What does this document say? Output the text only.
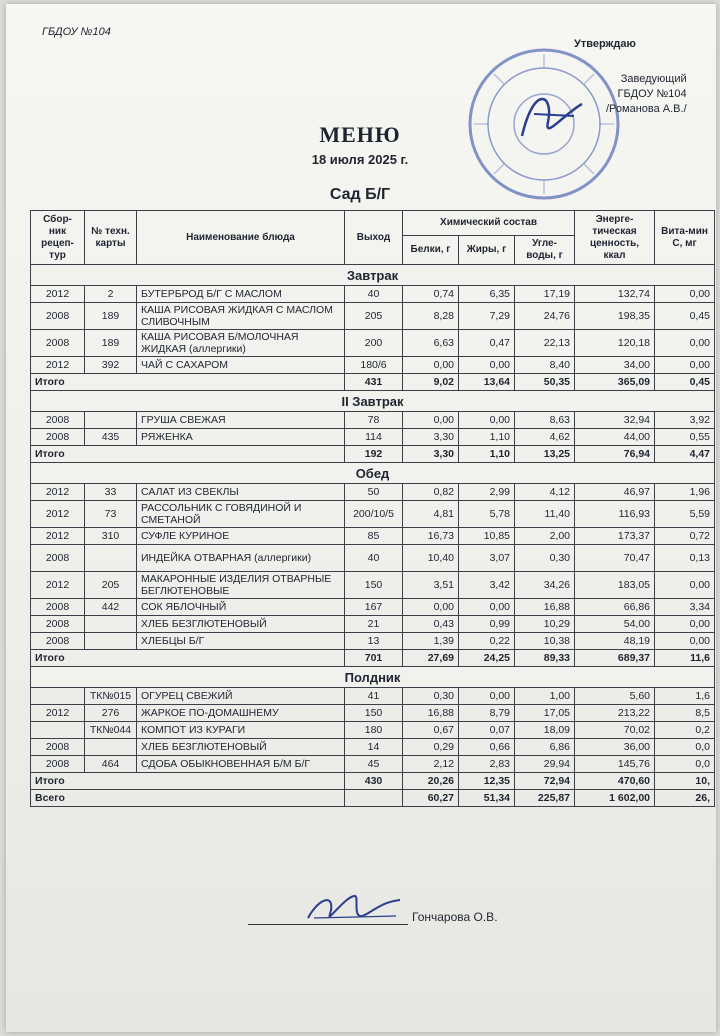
ГБДОУ №104
Утверждаю
Заведующий
ГБДОУ №104
/Романова А.В./
МЕНЮ
18 июля 2025 г.
Сад Б/Г
Сбор-ник рецеп-тур	№ техн. карты	Наименование блюда	Выход	Химический состав			Энерге-тическая ценность, ккал	Вита-мин С, мг
				Белки, г	Жиры, г	Угле-воды, г		
Завтрак								
2012	2	БУТЕРБРОД Б/Г С МАСЛОМ	40	0,74	6,35	17,19	132,74	0,00
2008	189	КАША РИСОВАЯ ЖИДКАЯ С МАСЛОМ СЛИВОЧНЫМ	205	8,28	7,29	24,76	198,35	0,45
2008	189	КАША РИСОВАЯ Б/МОЛОЧНАЯ ЖИДКАЯ (аллергики)	200	6,63	0,47	22,13	120,18	0,00
2012	392	ЧАЙ С САХАРОМ	180/6	0,00	0,00	8,40	34,00	0,00
Итого			431	9,02	13,64	50,35	365,09	0,45
II Завтрак								
2008		ГРУША СВЕЖАЯ	78	0,00	0,00	8,63	32,94	3,92
2008	435	РЯЖЕНКА	114	3,30	1,10	4,62	44,00	0,55
Итого			192	3,30	1,10	13,25	76,94	4,47
Обед								
2012	33	САЛАТ ИЗ СВЕКЛЫ	50	0,82	2,99	4,12	46,97	1,96
2012	73	РАССОЛЬНИК С ГОВЯДИНОЙ И СМЕТАНОЙ	200/10/5	4,81	5,78	11,40	116,93	5,59
2012	310	СУФЛЕ КУРИНОЕ	85	16,73	10,85	2,00	173,37	0,72
2008		ИНДЕЙКА ОТВАРНАЯ (аллергики)	40	10,40	3,07	0,30	70,47	0,13
2012	205	МАКАРОННЫЕ ИЗДЕЛИЯ ОТВАРНЫЕ БЕГЛЮТЕНОВЫЕ	150	3,51	3,42	34,26	183,05	0,00
2008	442	СОК ЯБЛОЧНЫЙ	167	0,00	0,00	16,88	66,86	3,34
2008		ХЛЕБ БЕЗГЛЮТЕНОВЫЙ	21	0,43	0,99	10,29	54,00	0,00
2008		ХЛЕБЦЫ Б/Г	13	1,39	0,22	10,38	48,19	0,00
Итого			701	27,69	24,25	89,33	689,37	11,6
Полдник								
	ТК№015	ОГУРЕЦ СВЕЖИЙ	41	0,30	0,00	1,00	5,60	1,6
2012	276	ЖАРКОЕ ПО-ДОМАШНЕМУ	150	16,88	8,79	17,05	213,22	8,5
	ТК№044	КОМПОТ ИЗ КУРАГИ	180	0,67	0,07	18,09	70,02	0,2
2008		ХЛЕБ БЕЗГЛЮТЕНОВЫЙ	14	0,29	0,66	6,86	36,00	0,0
2008	464	СДОБА ОБЫКНОВЕННАЯ Б/М Б/Г	45	2,12	2,83	29,94	145,76	0,0
Итого			430	20,26	12,35	72,94	470,60	10,
Всего				60,27	51,34	225,87	1 602,00	26,
Гончарова О.В.
